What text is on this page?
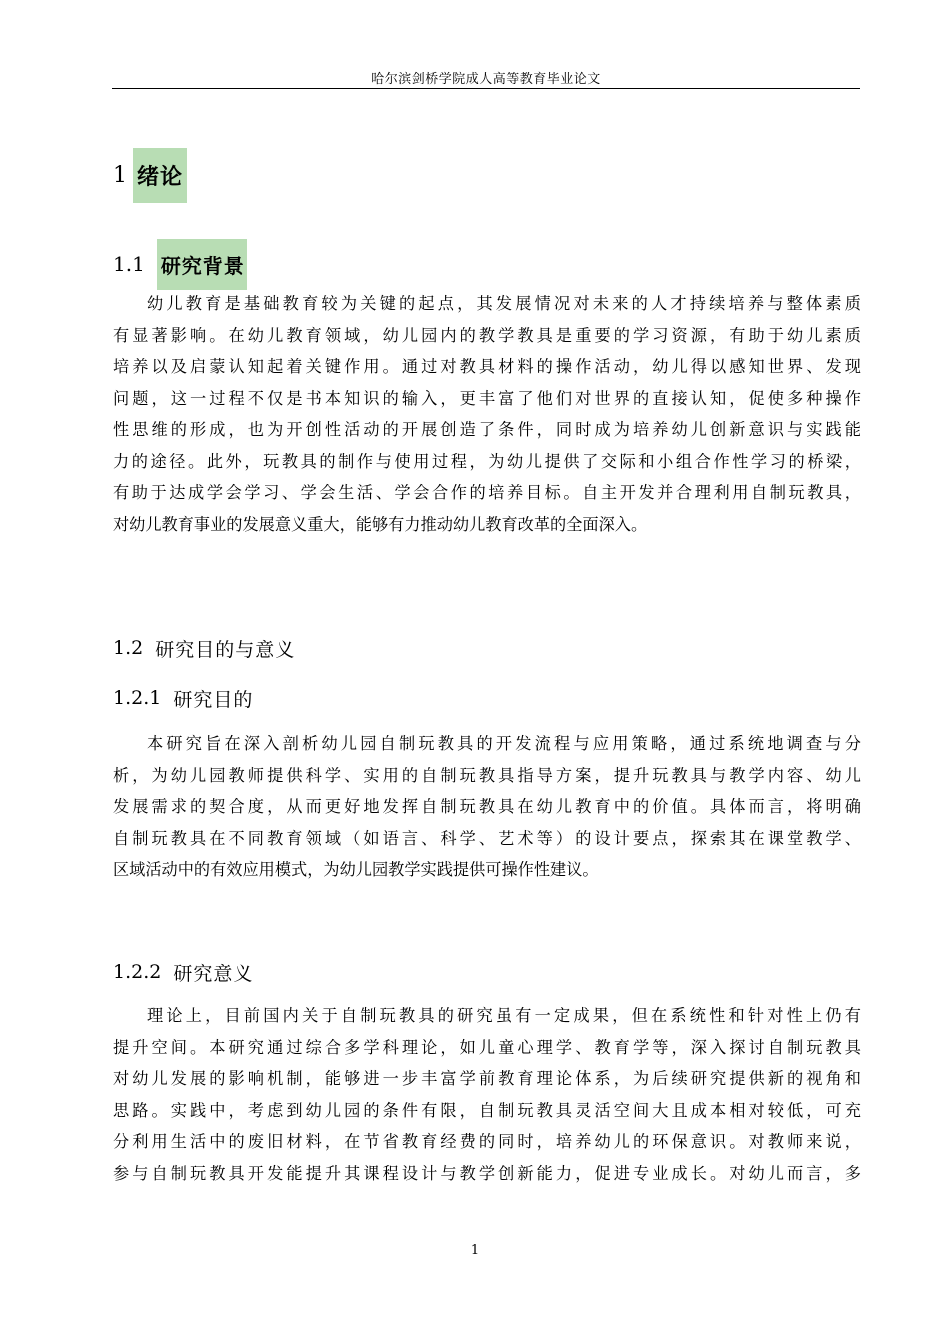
哈尔滨剑桥学院成人高等教育毕业论文
1 绪论
1.1 研究背景
幼儿教育是基础教育较为关键的起点，其发展情况对未来的人才持续培养与整体素质
有显著影响。在幼儿教育领域，幼儿园内的教学教具是重要的学习资源，有助于幼儿素质
培养以及启蒙认知起着关键作用。通过对教具材料的操作活动，幼儿得以感知世界、发现
问题，这一过程不仅是书本知识的输入，更丰富了他们对世界的直接认知，促使多种操作
性思维的形成，也为开创性活动的开展创造了条件，同时成为培养幼儿创新意识与实践能
力的途径。此外，玩教具的制作与使用过程，为幼儿提供了交际和小组合作性学习的桥梁，
有助于达成学会学习、学会生活、学会合作的培养目标。自主开发并合理利用自制玩教具，
对幼儿教育事业的发展意义重大，能够有力推动幼儿教育改革的全面深入。
1.2 研究目的与意义
1.2.1 研究目的
本研究旨在深入剖析幼儿园自制玩教具的开发流程与应用策略，通过系统地调查与分
析，为幼儿园教师提供科学、实用的自制玩教具指导方案，提升玩教具与教学内容、幼儿
发展需求的契合度，从而更好地发挥自制玩教具在幼儿教育中的价值。具体而言，将明确
自制玩教具在不同教育领域（如语言、科学、艺术等）的设计要点，探索其在课堂教学、
区域活动中的有效应用模式，为幼儿园教学实践提供可操作性建议。
1.2.2 研究意义
理论上，目前国内关于自制玩教具的研究虽有一定成果，但在系统性和针对性上仍有
提升空间。本研究通过综合多学科理论，如儿童心理学、教育学等，深入探讨自制玩教具
对幼儿发展的影响机制，能够进一步丰富学前教育理论体系，为后续研究提供新的视角和
思路。实践中，考虑到幼儿园的条件有限，自制玩教具灵活空间大且成本相对较低，可充
分利用生活中的废旧材料，在节省教育经费的同时，培养幼儿的环保意识。对教师来说，
参与自制玩教具开发能提升其课程设计与教学创新能力，促进专业成长。对幼儿而言，多
1
